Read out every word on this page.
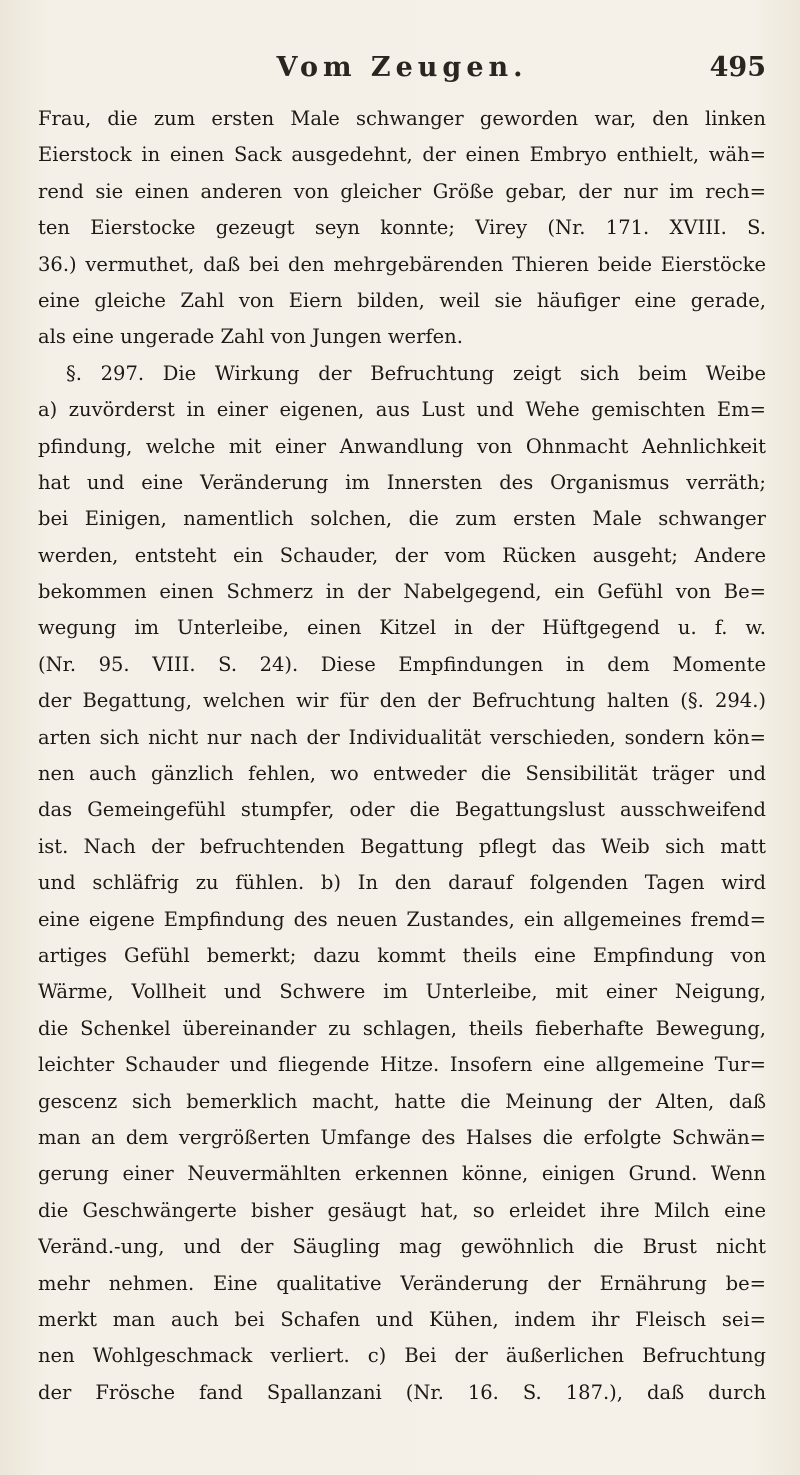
Vom Zeugen.	495
Frau, die zum ersten Male schwanger geworden war, den linken
Eierstock in einen Sack ausgedehnt, der einen Embryo enthielt, wäh=
rend sie einen anderen von gleicher Größe gebar, der nur im rech=
ten Eierstocke gezeugt seyn konnte; Virey (Nr. 171. XVIII. S.
36.) vermuthet, daß bei den mehrgebärenden Thieren beide Eierstöcke
eine gleiche Zahl von Eiern bilden, weil sie häufiger eine gerade,
als eine ungerade Zahl von Jungen werfen.
§. 297. Die Wirkung der Befruchtung zeigt sich beim Weibe
a) zuvörderst in einer eigenen, aus Lust und Wehe gemischten Em=
pfindung, welche mit einer Anwandlung von Ohnmacht Aehnlichkeit
hat und eine Veränderung im Innersten des Organismus verräth;
bei Einigen, namentlich solchen, die zum ersten Male schwanger
werden, entsteht ein Schauder, der vom Rücken ausgeht; Andere
bekommen einen Schmerz in der Nabelgegend, ein Gefühl von Be=
wegung im Unterleibe, einen Kitzel in der Hüftgegend u. f. w.
(Nr. 95. VIII. S. 24). Diese Empfindungen in dem Momente
der Begattung, welchen wir für den der Befruchtung halten (§. 294.)
arten sich nicht nur nach der Individualität verschieden, sondern kön=
nen auch gänzlich fehlen, wo entweder die Sensibilität träger und
das Gemeingefühl stumpfer, oder die Begattungslust ausschweifend
ist. Nach der befruchtenden Begattung pflegt das Weib sich matt
und schläfrig zu fühlen. b) In den darauf folgenden Tagen wird
eine eigene Empfindung des neuen Zustandes, ein allgemeines fremd=
artiges Gefühl bemerkt; dazu kommt theils eine Empfindung von
Wärme, Vollheit und Schwere im Unterleibe, mit einer Neigung,
die Schenkel übereinander zu schlagen, theils fieberhafte Bewegung,
leichter Schauder und fliegende Hitze. Insofern eine allgemeine Tur=
gescenz sich bemerklich macht, hatte die Meinung der Alten, daß
man an dem vergrößerten Umfange des Halses die erfolgte Schwän=
gerung einer Neuvermählten erkennen könne, einigen Grund. Wenn
die Geschwängerte bisher gesäugt hat, so erleidet ihre Milch eine
Veränd.-ung, und der Säugling mag gewöhnlich die Brust nicht
mehr nehmen. Eine qualitative Veränderung der Ernährung be=
merkt man auch bei Schafen und Kühen, indem ihr Fleisch sei=
nen Wohlgeschmack verliert. c) Bei der äußerlichen Befruchtung
der Frösche fand Spallanzani (Nr. 16. S. 187.), daß durch
